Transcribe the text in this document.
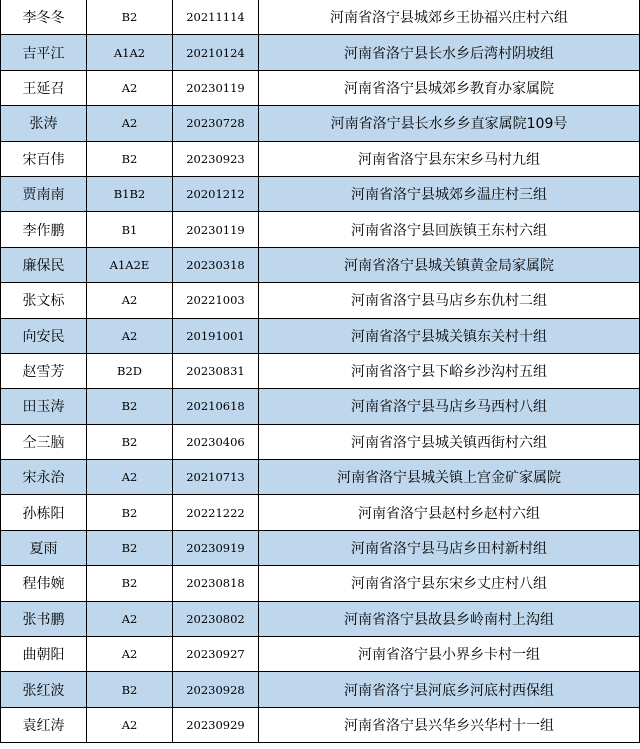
李冬冬	B2	20211114	河南省洛宁县城郊乡王协福兴庄村六组
吉平江	A1A2	20210124	河南省洛宁县长水乡后湾村阴坡组
王延召	A2	20230119	河南省洛宁县城郊乡教育办家属院
张涛	A2	20230728	河南省洛宁县长水乡乡直家属院109号
宋百伟	B2	20230923	河南省洛宁县东宋乡马村九组
贾南南	B1B2	20201212	河南省洛宁县城郊乡温庄村三组
李作鹏	B1	20230119	河南省洛宁县回族镇王东村六组
廉保民	A1A2E	20230318	河南省洛宁县城关镇黄金局家属院
张文标	A2	20221003	河南省洛宁县马店乡东仇村二组
向安民	A2	20191001	河南省洛宁县城关镇东关村十组
赵雪芳	B2D	20230831	河南省洛宁县下峪乡沙沟村五组
田玉涛	B2	20210618	河南省洛宁县马店乡马西村八组
仝三脑	B2	20230406	河南省洛宁县城关镇西街村六组
宋永治	A2	20210713	河南省洛宁县城关镇上宫金矿家属院
孙栋阳	B2	20221222	河南省洛宁县赵村乡赵村六组
夏雨	B2	20230919	河南省洛宁县马店乡田村新村组
程伟婉	B2	20230818	河南省洛宁县东宋乡丈庄村八组
张书鹏	A2	20230802	河南省洛宁县故县乡岭南村上沟组
曲朝阳	A2	20230927	河南省洛宁县小界乡卡村一组
张红波	B2	20230928	河南省洛宁县河底乡河底村西保组
袁红涛	A2	20230929	河南省洛宁县兴华乡兴华村十一组
